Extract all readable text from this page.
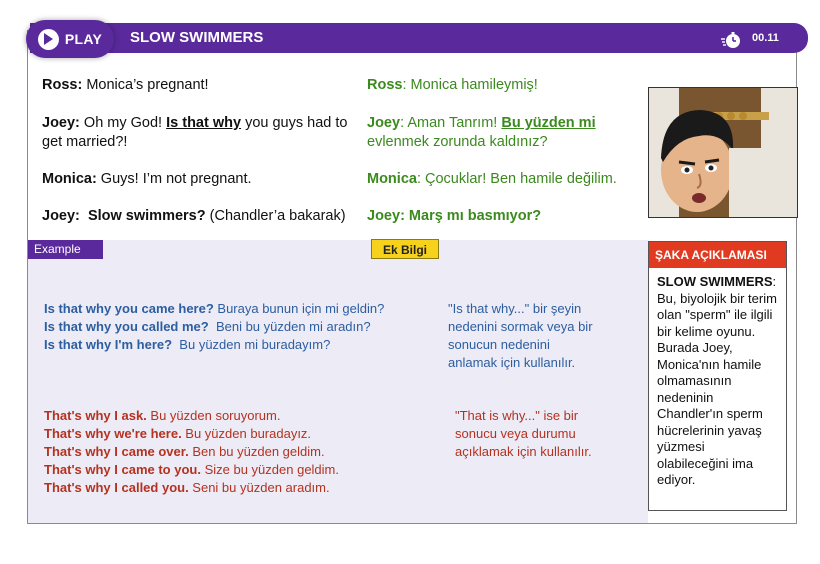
PLAY SLOW SWIMMERS	00.11
Ross: Monica’s pregnant!
Joey: Oh my God! Is that why you guys had to get married?!
Monica: Guys! I’m not pregnant.
Joey:  Slow swimmers? (Chandler’a bakarak)
Ross: Monica hamileymiş!
Joey: Aman Tanrım! Bu yüzden mi evlenmek zorunda kaldınız?
Monica: Çocuklar! Ben hamile değilim.
Joey: Marş mı basmıyor?
Example	Ek Bilgi
Is that why you came here? Buraya bunun için mi geldin?
Is that why you called me?  Beni bu yüzden mi aradın?
Is that why I'm here?  Bu yüzden mi buradayım?
"Is that why..." bir şeyin nedenini sormak veya bir sonucun nedenini anlamak için kullanılır.
That's why I ask. Bu yüzden soruyorum.
That's why we're here. Bu yüzden buradayız.
That's why I came over. Ben bu yüzden geldim.
That's why I came to you. Size bu yüzden geldim.
That's why I called you. Seni bu yüzden aradım.
"That is why..." ise bir sonucu veya durumu açıklamak için kullanılır.
ŞAKA AÇIKLAMASI
SLOW SWIMMERS: Bu, biyolojik bir terim olan "sperm" ile ilgili bir kelime oyunu. Burada Joey, Monica'nın hamile olmamasının nedeninin Chandler'ın sperm hücrelerinin yavaş yüzmesi olabileceğini ima ediyor.
